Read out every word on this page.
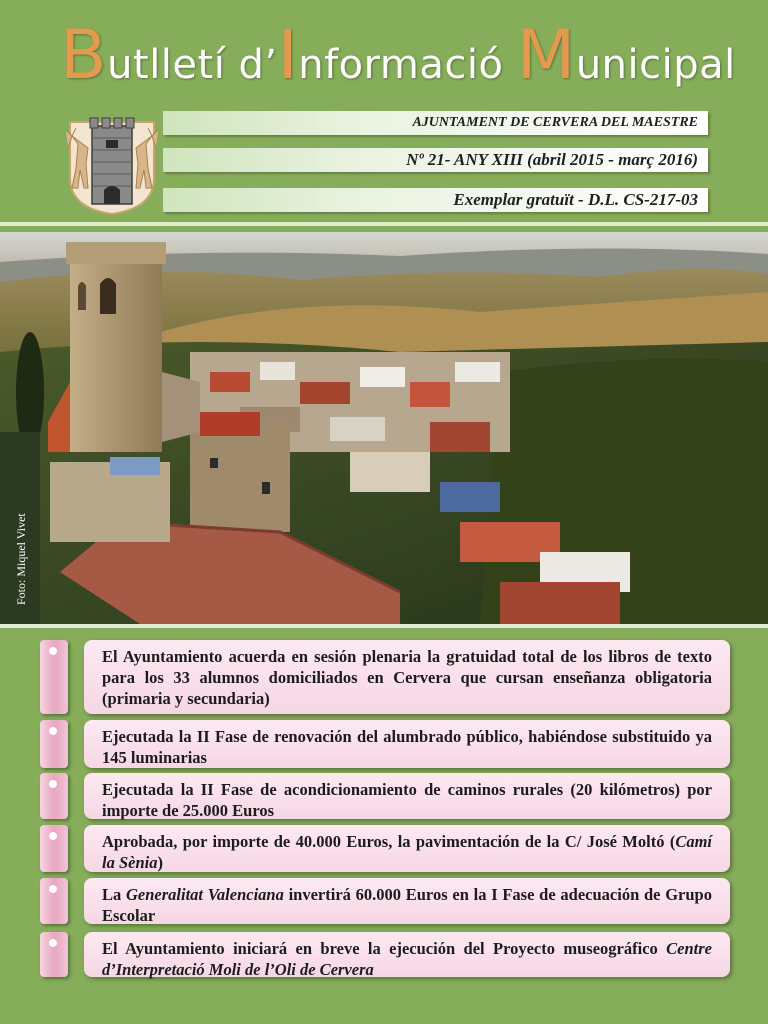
Butlletí d’Informació Municipal
AJUNTAMENT DE CERVERA DEL MAESTRE
Nº 21- ANY XIII (abril 2015 - març 2016)
Exemplar gratuït - D.L. CS-217-03
Foto: Miquel Vivet
El Ayuntamiento acuerda en sesión plenaria la gratuidad total de los libros de texto para los 33 alumnos domiciliados en Cervera que cursan enseñanza obligatoria (primaria y secundaria)
Ejecutada la II Fase de renovación del alumbrado público, habiéndose substituido ya 145 luminarias
Ejecutada la II Fase de acondicionamiento de caminos rurales (20 kilómetros) por importe de 25.000 Euros
Aprobada, por importe de 40.000 Euros, la pavimentación de la C/ José Moltó (Camí la Sènia)
La Generalitat Valenciana invertirá 60.000 Euros en la I Fase de adecuación de Grupo Escolar
El Ayuntamiento iniciará en breve la ejecución del Proyecto museográfico Centre d’Interpretació Moli de l’Oli de Cervera
